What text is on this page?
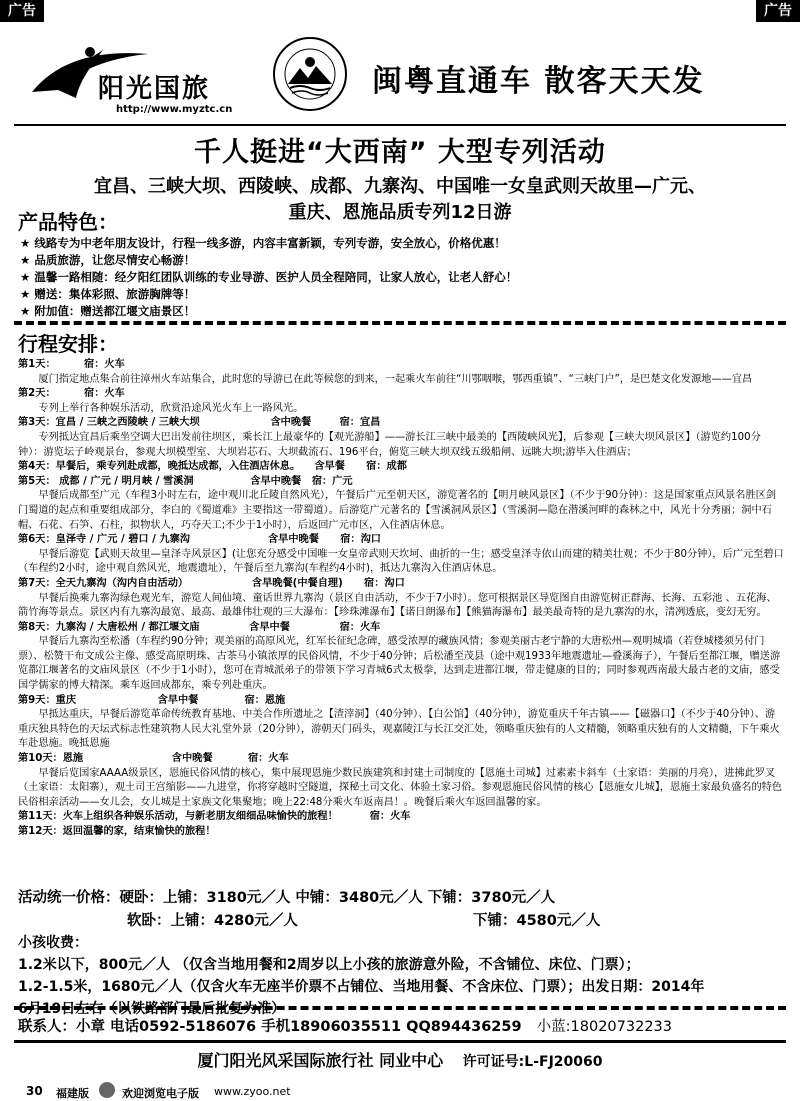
广告	广告
阳光国旅
http://www.myztc.cn
闽粤直通车 散客天天发
千人挺进“大西南” 大型专列活动
宜昌、三峡大坝、西陵峡、成都、九寨沟、中国唯一女皇武则天故里—广元、
重庆、恩施品质专列12日游
产品特色：
★ 线路专为中老年朋友设计，行程一线多游，内容丰富新颖，专列专游，安全放心，价格优惠！
★ 品质旅游，让您尽情安心畅游！
★ 温馨一路相随：经夕阳红团队训练的专业导游、医护人员全程陪同，让家人放心，让老人舒心！
★ 赠送：集体彩照、旅游胸牌等！
★ 附加值：赠送都江堰文庙景区！
行程安排：

第1天：        宿：火车

厦门指定地点集合前往漳州火车站集合，此时您的导游已在此等候您的到来，一起乘火车前往“川鄂咽喉，鄂西重镇”、“三峡门户”，是巴楚文化发源地——宜昌

第2天：        宿：火车

专列上举行各种娱乐活动，欣赏沿途风光火车上一路风光。

第3天：宜昌 / 三峡之西陵峡 / 三峡大坝                    含中晚餐        宿：宜昌

专列抵达宜昌后乘坐空调大巴出发前往坝区，乘长江上最豪华的【观光游船】——游长江三峡中最美的【西陵峡风光】，后参观【三峡大坝风景区】（游览约100分钟）：游览坛子岭观景台，参观大坝模型室、大坝岩芯石、大坝截流石、196平台，俯览三峡大坝双线五级船闸、远眺大坝;游毕入住酒店；

第4天：早餐后，乘专列赴成都，晚抵达成都，入住酒店休息。    含早餐      宿：成都

第5天： 成都 / 广元 / 明月峡 / 雪溪洞                含早中晚餐   宿：广元

早餐后成都至广元（车程3小时左右，途中观川北丘陵自然风光），午餐后广元至朝天区，游览著名的【明月峡风景区】（不少于90分钟）：这是国家重点风景名胜区剑门蜀道的起点和重要组成部分，李白的《蜀道难》主要指这一带蜀道）。后游览广元著名的【雪溪洞风景区】（雪溪洞—隐在潜溪河畔的森林之中，风光十分秀丽；洞中石帽、石花、石笋、石柱，拟物状人，巧夺天工;不少于1小时），后返回广元市区，入住酒店休息。

第6天：皇泽寺 / 广元 / 碧口 / 九寨沟                      含早中晚餐      宿：沟口

早餐后游览【武则天故里—皇泽寺风景区】(让您充分感受中国唯一女皇帝武则天坎坷、曲折的一生；感受皇泽寺依山而建的精美壮观；不少于80分钟），后广元至碧口（车程约2小时，途中观自然风光，地震遗址），午餐后至九寨沟(车程约4小时)，抵达九寨沟入住酒店休息。

第7天：全天九寨沟（沟内自由活动）                  含早晚餐(中餐自理)      宿：沟口

早餐后换乘九寨沟绿色观光车，游览人间仙境、童话世界九寨沟（景区自由活动，不少于7小时）。您可根据景区导览图自由游览树正群海、长海、五彩池 、五花海、箭竹海等景点。景区内有九寨沟最宽、最高、最雄伟壮观的三大瀑布：【珍珠滩瀑布】【诺日朗瀑布】【熊猫海瀑布】最美最奇特的是九寨沟的水，清冽透底，变幻无穷。

第8天：九寨沟 / 大唐松州 / 都江堰文庙              含早中餐              宿：火车

早餐后九寨沟至松潘（车程约90分钟；观美丽的高原风光，红军长征纪念碑，感受浓厚的藏族风情；参观美丽古老宁静的大唐松州—观明城墙（若登城楼须另付门票）、松赞干布文成公主像、感受高原明珠、古茶马小镇浓厚的民俗风情，不少于40分钟；后松潘至茂县（途中观1933年地震遗址—叠溪海子），午餐后至都江堰，赠送游览都江堰著名的文庙风景区（不少于1小时），您可在青城派弟子的带领下学习青城6式太极拳，达到走进都江堰，带走健康的目的；同时参观西南最大最古老的文庙，感受国学儒家的博大精深。乘车返回成都东，乘专列赴重庆。

第9天：重庆                       含早中餐             宿：恩施

早抵达重庆，早餐后游览革命传统教育基地、中美合作所遗址之【渣滓洞】（40分钟）、【白公馆】（40分钟），游览重庆千年古镇——【磁器口】（不少于40分钟）、游重庆独具特色的天坛式标志性建筑物人民大礼堂外景（20分钟），游朝天门码头，观嘉陵江与长江交汇处，领略重庆独有的人文精髓，领略重庆独有的人文精髓，下午乘火车赴恩施。晚抵恩施

第10天：恩施                         含中晚餐          宿：火车

早餐后览国家AAAA级景区，恩施民俗风情的核心，集中展现恩施少数民族建筑和封建土司制度的【恩施土司城】过素素卡斜车（土家语：美丽的月亮），进拂此罗叉（土家语：太阳寨），观土司王宫缩影——九进堂，你将穿越时空隧道，探秘土司文化、体验土家习俗。参观恩施民俗风情的核心【恩施女儿城】，恩施土家最负盛名的特色民俗相亲活动——女儿会，女儿城是土家族文化集聚地；晚上22:48分乘火车返南昌！。晚餐后乘火车返回温馨的家。

第11天：火车上组织各种娱乐活动，与新老朋友细细品味愉快的旅程！         宿：火车

第12天：返回温馨的家，结束愉快的旅程！

活动统一价格：硬卧：上铺：3180元／人 中铺：3480元／人 下铺：3780元／人
软卧：上铺：4280元／人	下铺：4580元／人
小孩收费：
1.2米以下，800元／人 （仅含当地用餐和2周岁以上小孩的旅游意外险，不含铺位、床位、门票）；
1.2-1.5米，1680元／人（仅含火车无座半价票不占铺位、当地用餐、不含床位、门票）；出发日期：2014年
6月19日左右（以铁路部门最后批复为准）
联系人：小章 电话0592-5186076 手机18906035511 QQ894436259 小蓝:18020732233
厦门阳光风采国际旅行社 同业中心 许可证号:L-FJ20060
30 福建版	欢迎浏览电子版 www.zyoo.net
